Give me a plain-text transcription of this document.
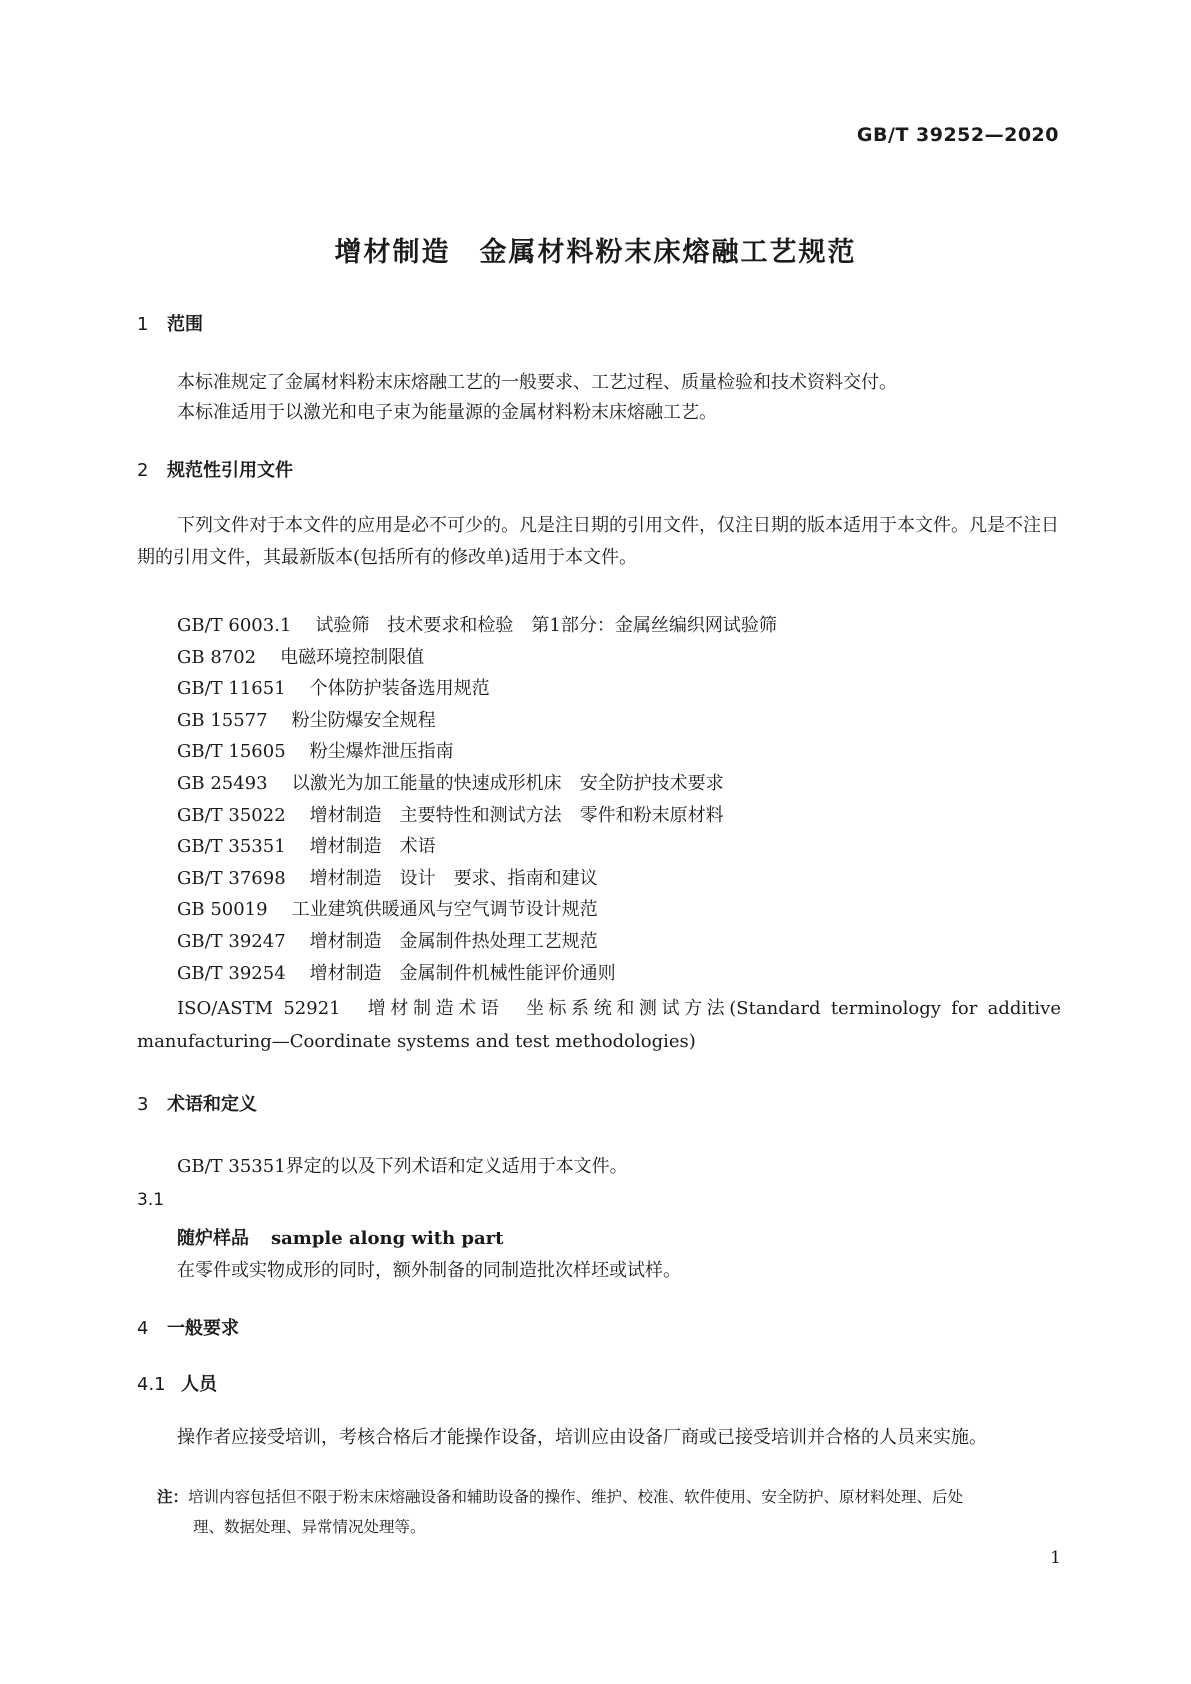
GB/T 39252—2020
增材制造　金属材料粉末床熔融工艺规范
1 范围
本标准规定了金属材料粉末床熔融工艺的一般要求、工艺过程、质量检验和技术资料交付。
本标准适用于以激光和电子束为能量源的金属材料粉末床熔融工艺。
2 规范性引用文件
下列文件对于本文件的应用是必不可少的。凡是注日期的引用文件，仅注日期的版本适用于本文件。凡是不注日期的引用文件，其最新版本(包括所有的修改单)适用于本文件。
GB/T 6003.1 试验筛　技术要求和检验　第1部分：金属丝编织网试验筛
GB 8702 电磁环境控制限值
GB/T 11651 个体防护装备选用规范
GB 15577 粉尘防爆安全规程
GB/T 15605 粉尘爆炸泄压指南
GB 25493 以激光为加工能量的快速成形机床　安全防护技术要求
GB/T 35022 增材制造　主要特性和测试方法　零件和粉末原材料
GB/T 35351 增材制造　术语
GB/T 37698 增材制造　设计　要求、指南和建议
GB 50019 工业建筑供暖通风与空气调节设计规范
GB/T 39247 增材制造　金属制件热处理工艺规范
GB/T 39254 增材制造　金属制件机械性能评价通则
ISO/ASTM 52921　增材制造术语　坐标系统和测试方法(Standard terminology for additive manufacturing—Coordinate systems and test methodologies)
3 术语和定义
GB/T 35351界定的以及下列术语和定义适用于本文件。
3.1
随炉样品 sample along with part
在零件或实物成形的同时，额外制备的同制造批次样坯或试样。
4 一般要求
4.1 人员
操作者应接受培训，考核合格后才能操作设备，培训应由设备厂商或已接受培训并合格的人员来实施。
注：培训内容包括但不限于粉末床熔融设备和辅助设备的操作、维护、校准、软件使用、安全防护、原材料处理、后处
理、数据处理、异常情况处理等。
1
